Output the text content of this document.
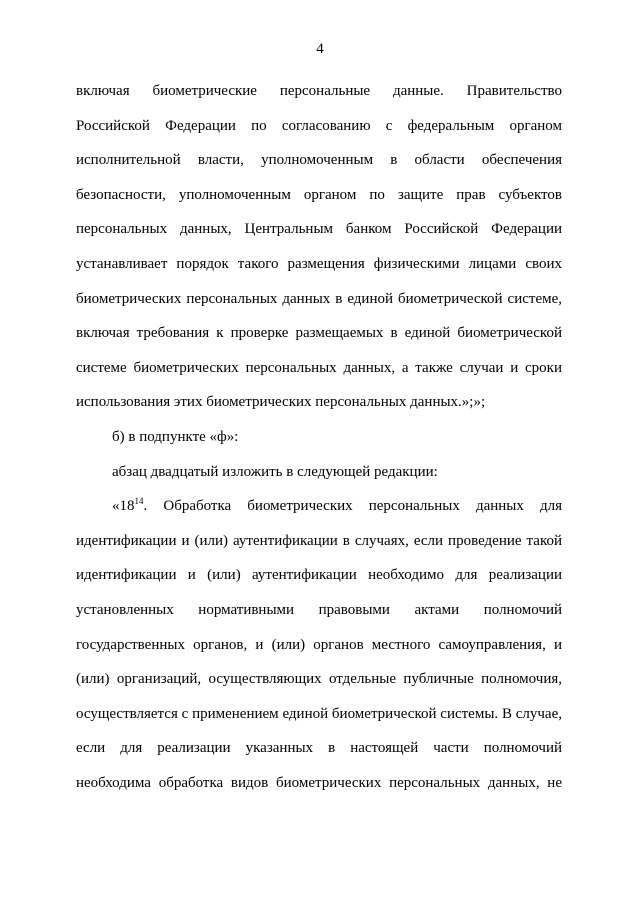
4
включая биометрические персональные данные. Правительство
Российской Федерации по согласованию с федеральным органом
исполнительной власти, уполномоченным в области обеспечения
безопасности, уполномоченным органом по защите прав субъектов
персональных данных, Центральным банком Российской Федерации
устанавливает порядок такого размещения физическими лицами своих
биометрических персональных данных в единой биометрической системе,
включая требования к проверке размещаемых в единой биометрической
системе биометрических персональных данных, а также случаи и сроки
использования этих биометрических персональных данных.»;»;
б) в подпункте «ф»:
абзац двадцатый изложить в следующей редакции:
«$18^{14}$. Обработка биометрических персональных данных для
идентификации и (или) аутентификации в случаях, если проведение такой
идентификации и (или) аутентификации необходимо для реализации
установленных нормативными правовыми актами полномочий
государственных органов, и (или) органов местного самоуправления, и
(или) организаций, осуществляющих отдельные публичные полномочия,
осуществляется с применением единой биометрической системы. В случае,
если для реализации указанных в настоящей части полномочий
необходима обработка видов биометрических персональных данных, не
